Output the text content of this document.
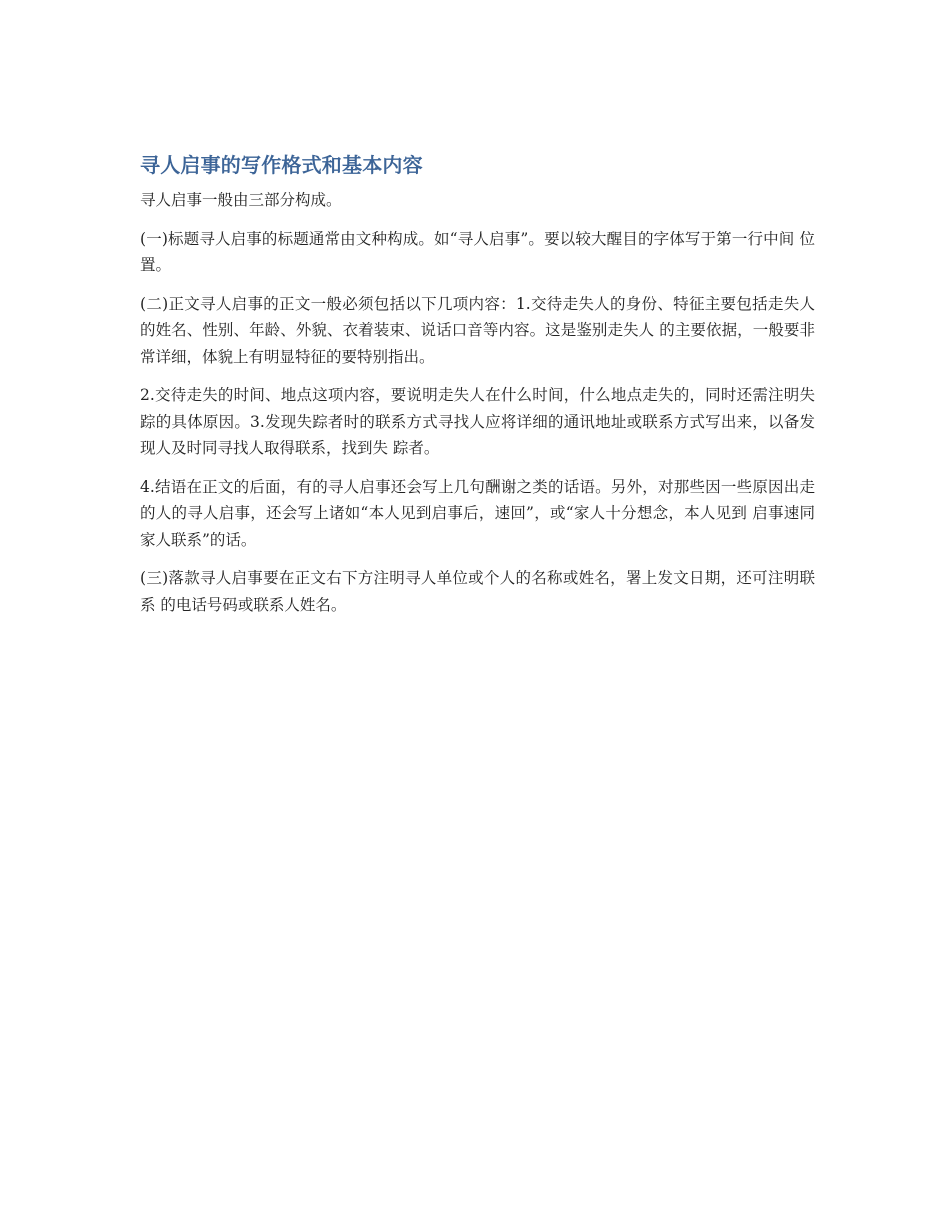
寻人启事的写作格式和基本内容

寻人启事一般由三部分构成。

(一)标题寻人启事的标题通常由文种构成。如“寻人启事”。要以较大醒目的字体写于第一行中间 位置。

(二)正文寻人启事的正文一般必须包括以下几项内容：1.交待走失人的身份、特征主要包括走失人的姓名、性别、年龄、外貌、衣着装束、说话口音等内容。这是鉴别走失人 的主要依据，一般要非常详细，体貌上有明显特征的要特别指出。

2.交待走失的时间、地点这项内容，要说明走失人在什么时间，什么地点走失的，同时还需注明失踪的具体原因。3.发现失踪者时的联系方式寻找人应将详细的通讯地址或联系方式写出来，以备发现人及时同寻找人取得联系，找到失 踪者。

4.结语在正文的后面，有的寻人启事还会写上几句酬谢之类的话语。另外，对那些因一些原因出走 的人的寻人启事，还会写上诸如“本人见到启事后，速回”，或“家人十分想念，本人见到 启事速同家人联系”的话。

(三)落款寻人启事要在正文右下方注明寻人单位或个人的名称或姓名，署上发文日期，还可注明联系 的电话号码或联系人姓名。
